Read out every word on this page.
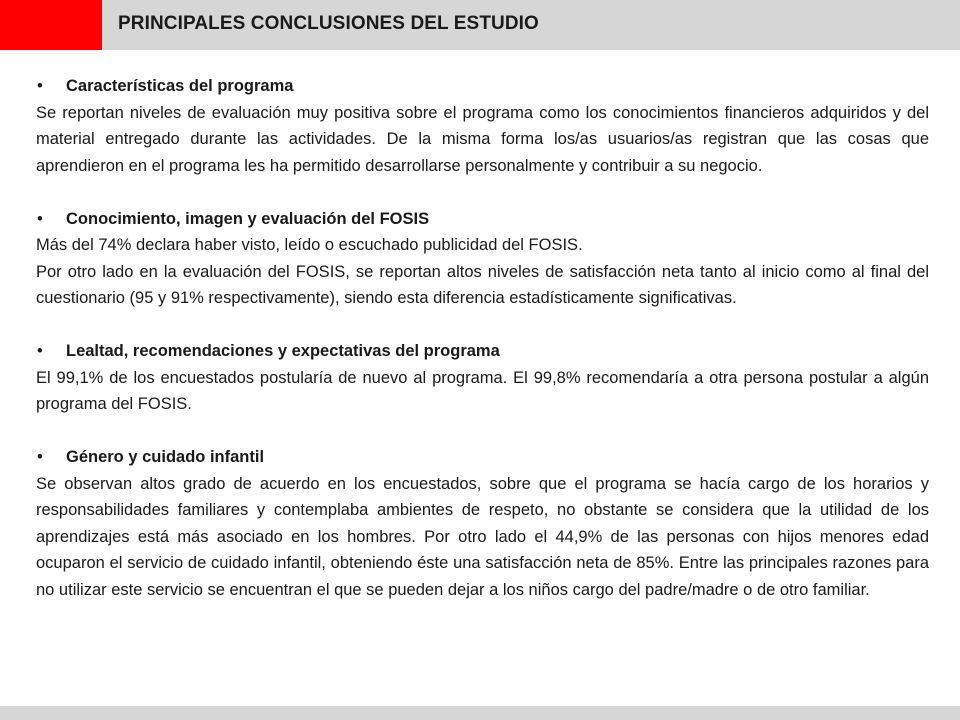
PRINCIPALES CONCLUSIONES DEL ESTUDIO
•	Características del programa

Se reportan niveles de evaluación muy positiva sobre el programa como los conocimientos financieros adquiridos y del material entregado durante las actividades. De la misma forma los/as usuarios/as registran que las cosas que aprendieron en el programa les ha permitido desarrollarse personalmente y contribuir a su negocio.

•	Conocimiento, imagen y evaluación del FOSIS

Más del 74% declara haber visto, leído o escuchado publicidad del FOSIS.

Por otro lado en la evaluación del FOSIS, se reportan altos niveles de satisfacción neta tanto al inicio como al final del cuestionario (95 y 91% respectivamente), siendo esta diferencia estadísticamente significativas.

•	Lealtad, recomendaciones y expectativas del programa

El 99,1% de los encuestados postularía de nuevo al programa. El 99,8% recomendaría a otra persona postular a algún programa del FOSIS.

•	Género y cuidado infantil

Se observan altos grado de acuerdo en los encuestados, sobre que el programa se hacía cargo de los horarios y responsabilidades familiares y contemplaba ambientes de respeto, no obstante se considera que la utilidad de los aprendizajes está más asociado en los hombres. Por otro lado el 44,9% de las personas con hijos menores edad ocuparon el servicio de cuidado infantil, obteniendo éste una satisfacción neta de 85%. Entre las principales razones para no utilizar este servicio se encuentran el que se pueden dejar a los niños cargo del padre/madre o de otro familiar.
